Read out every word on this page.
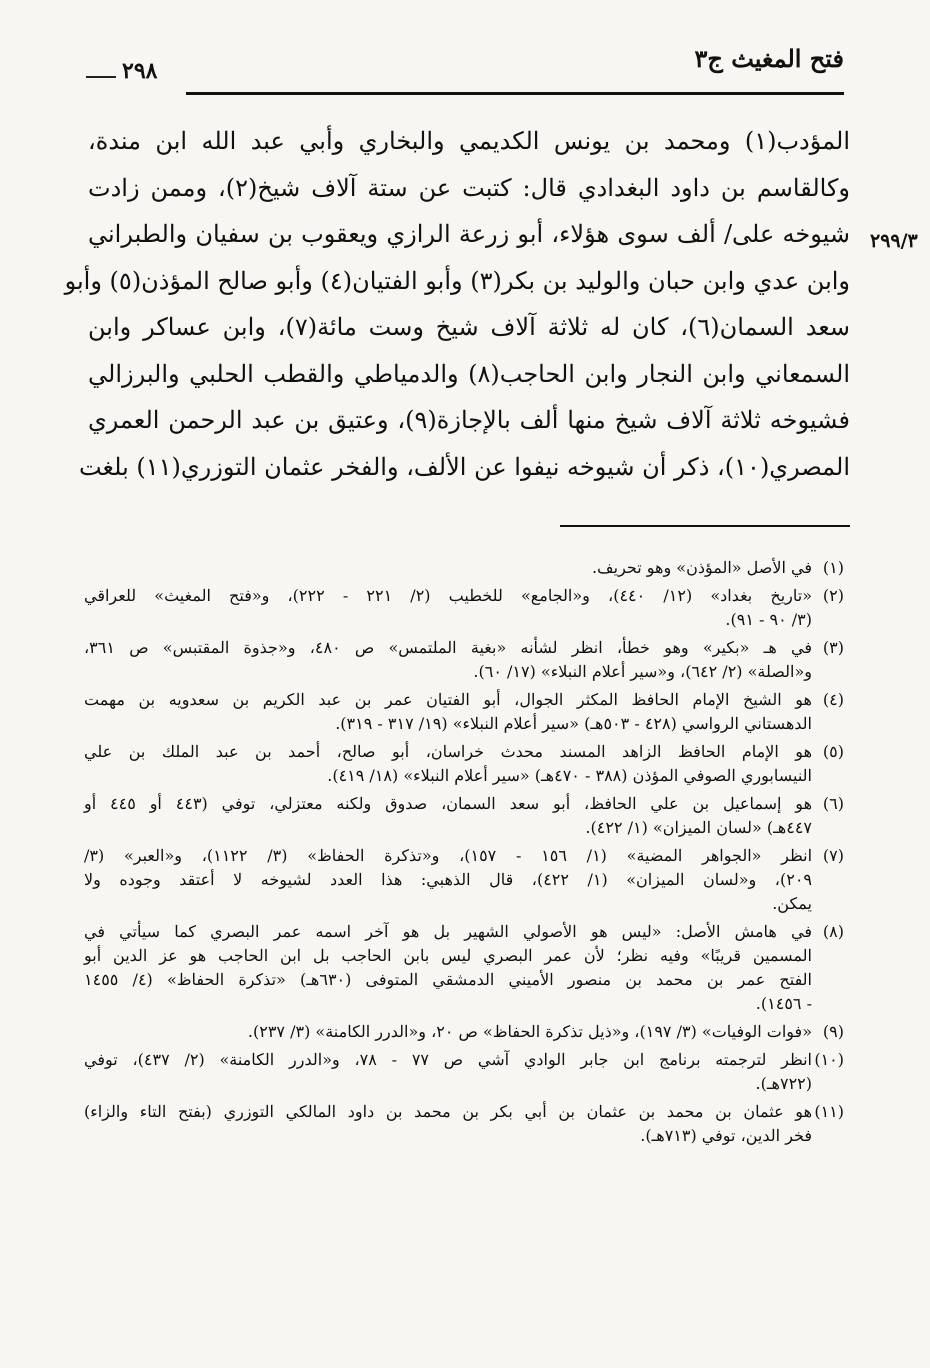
فتح المغيث ج٣
٢٩٨
٢٩٩/٣
المؤدب(١) ومحمد بن يونس الكديمي والبخاري وأبي عبد الله ابن مندة،
وكالقاسم بن داود البغدادي قال: كتبت عن ستة آلاف شيخ(٢)، وممن زادت
شيوخه على/ ألف سوى هؤلاء، أبو زرعة الرازي ويعقوب بن سفيان والطبراني
وابن عدي وابن حبان والوليد بن بكر(٣) وأبو الفتيان(٤) وأبو صالح المؤذن(٥) وأبو
سعد السمان(٦)، كان له ثلاثة آلاف شيخ وست مائة(٧)، وابن عساكر وابن
السمعاني وابن النجار وابن الحاجب(٨) والدمياطي والقطب الحلبي والبرزالي
فشيوخه ثلاثة آلاف شيخ منها ألف بالإجازة(٩)، وعتيق بن عبد الرحمن العمري
المصري(١٠)، ذكر أن شيوخه نيفوا عن الألف، والفخر عثمان التوزري(١١) بلغت
(١)
في الأصل «المؤذن» وهو تحريف.
(٢)
«تاريخ بغداد» (١٢/ ٤٤٠)، و«الجامع» للخطيب (٢/ ٢٢١ - ٢٢٢)، و«فتح المغيث» للعراقي
(٣/ ٩٠ - ٩١).
(٣)
في هـ «بكير» وهو خطأ، انظر لشأنه «بغية الملتمس» ص ٤٨٠، و«جذوة المقتبس» ص ٣٦١،
و«الصلة» (٢/ ٦٤٢)، و«سير أعلام النبلاء» (١٧/ ٦٠).
(٤)
هو الشيخ الإمام الحافظ المكثر الجوال، أبو الفتيان عمر بن عبد الكريم بن سعدويه بن مهمت
الدهستاني الرواسي (٤٢٨ - ٥٠٣هـ) «سير أعلام النبلاء» (١٩/ ٣١٧ - ٣١٩).
(٥)
هو الإمام الحافظ الزاهد المسند محدث خراسان، أبو صالح، أحمد بن عبد الملك بن علي
النيسابوري الصوفي المؤذن (٣٨٨ - ٤٧٠هـ) «سير أعلام النبلاء» (١٨/ ٤١٩).
(٦)
هو إسماعيل بن علي الحافظ، أبو سعد السمان، صدوق ولكنه معتزلي، توفي (٤٤٣ أو ٤٤٥ أو
٤٤٧هـ) «لسان الميزان» (١/ ٤٢٢).
(٧)
انظر «الجواهر المضية» (١/ ١٥٦ - ١٥٧)، و«تذكرة الحفاظ» (٣/ ١١٢٢)، و«العبر» (٣/
٢٠٩)، و«لسان الميزان» (١/ ٤٢٢)، قال الذهبي: هذا العدد لشيوخه لا أعتقد وجوده ولا
يمكن.
(٨)
في هامش الأصل: «ليس هو الأصولي الشهير بل هو آخر اسمه عمر البصري كما سيأتي في
المسمين قريبًا» وفيه نظر؛ لأن عمر البصري ليس بابن الحاجب بل ابن الحاجب هو عز الدين أبو
الفتح عمر بن محمد بن منصور الأميني الدمشقي المتوفى (٦٣٠هـ) «تذكرة الحفاظ» (٤/ ١٤٥٥
- ١٤٥٦).
(٩)
«فوات الوفيات» (٣/ ١٩٧)، و«ذيل تذكرة الحفاظ» ص ٢٠، و«الدرر الكامنة» (٣/ ٢٣٧).
(١٠)
انظر لترجمته برنامج ابن جابر الوادي آشي ص ٧٧ - ٧٨، و«الدرر الكامنة» (٢/ ٤٣٧)، توفي
(٧٢٢هـ).
(١١)
هو عثمان بن محمد بن عثمان بن أبي بكر بن محمد بن داود المالكي التوزري (بفتح التاء والزاء)
فخر الدين، توفي (٧١٣هـ).
